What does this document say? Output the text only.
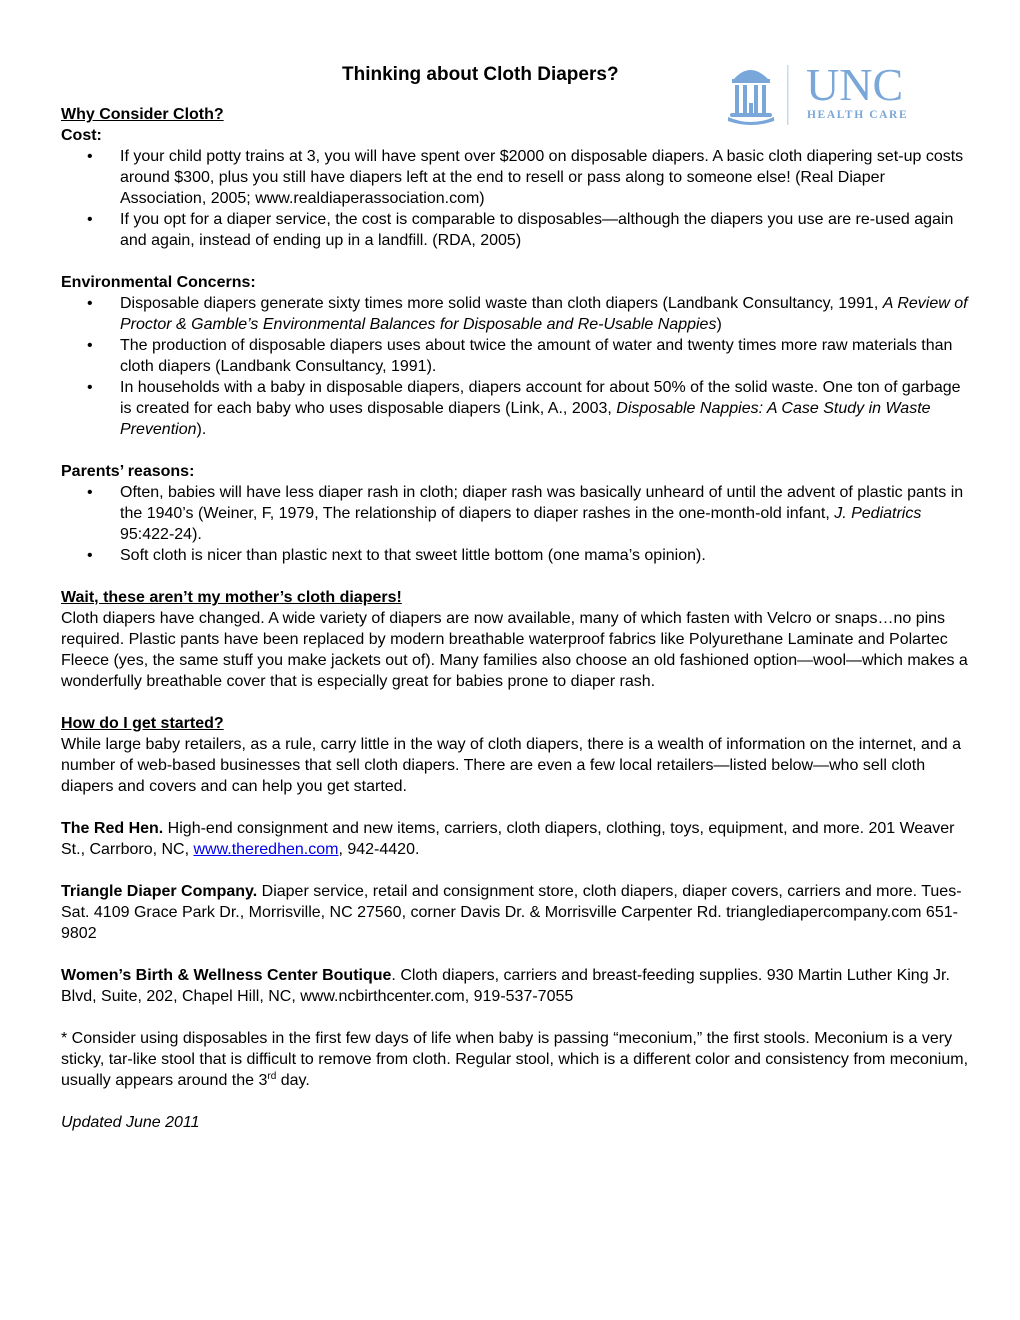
Thinking about Cloth Diapers?	UNC
HEALTH CARE
Why Consider Cloth?
Cost:
• If your child potty trains at 3, you will have spent over $2000 on disposable diapers. A basic cloth diapering set-up costs around $300, plus you still have diapers left at the end to resell or pass along to someone else! (Real Diaper Association, 2005; www.realdiaperassociation.com)
• If you opt for a diaper service, the cost is comparable to disposables—although the diapers you use are re-used again and again, instead of ending up in a landfill. (RDA, 2005)
Environmental Concerns:
• Disposable diapers generate sixty times more solid waste than cloth diapers (Landbank Consultancy, 1991, A Review of Proctor & Gamble’s Environmental Balances for Disposable and Re-Usable Nappies)
• The production of disposable diapers uses about twice the amount of water and twenty times more raw materials than cloth diapers (Landbank Consultancy, 1991).
• In households with a baby in disposable diapers, diapers account for about 50% of the solid waste. One ton of garbage is created for each baby who uses disposable diapers (Link, A., 2003, Disposable Nappies: A Case Study in Waste Prevention).
Parents’ reasons:
• Often, babies will have less diaper rash in cloth; diaper rash was basically unheard of until the advent of plastic pants in the 1940’s (Weiner, F, 1979, The relationship of diapers to diaper rashes in the one-month-old infant, J. Pediatrics 95:422-24).
• Soft cloth is nicer than plastic next to that sweet little bottom (one mama’s opinion).
Wait, these aren’t my mother’s cloth diapers!

Cloth diapers have changed. A wide variety of diapers are now available, many of which fasten with Velcro or snaps…no pins required. Plastic pants have been replaced by modern breathable waterproof fabrics like Polyurethane Laminate and Polartec Fleece (yes, the same stuff you make jackets out of). Many families also choose an old fashioned option—wool—which makes a wonderfully breathable cover that is especially great for babies prone to diaper rash.

How do I get started?

While large baby retailers, as a rule, carry little in the way of cloth diapers, there is a wealth of information on the internet, and a number of web-based businesses that sell cloth diapers. There are even a few local retailers—listed below—who sell cloth diapers and covers and can help you get started.

The Red Hen. High-end consignment and new items, carriers, cloth diapers, clothing, toys, equipment, and more. 201 Weaver St., Carrboro, NC, www.theredhen.com, 942-4420.

Triangle Diaper Company. Diaper service, retail and consignment store, cloth diapers, diaper covers, carriers and more. Tues-Sat. 4109 Grace Park Dr., Morrisville, NC 27560, corner Davis Dr. & Morrisville Carpenter Rd. trianglediapercompany.com 651-9802

Women’s Birth & Wellness Center Boutique. Cloth diapers, carriers and breast-feeding supplies. 930 Martin Luther King Jr. Blvd, Suite, 202, Chapel Hill, NC, www.ncbirthcenter.com, 919-537-7055

* Consider using disposables in the first few days of life when baby is passing “meconium,” the first stools. Meconium is a very sticky, tar-like stool that is difficult to remove from cloth. Regular stool, which is a different color and consistency from meconium, usually appears around the 3rd day.

Updated June 2011
